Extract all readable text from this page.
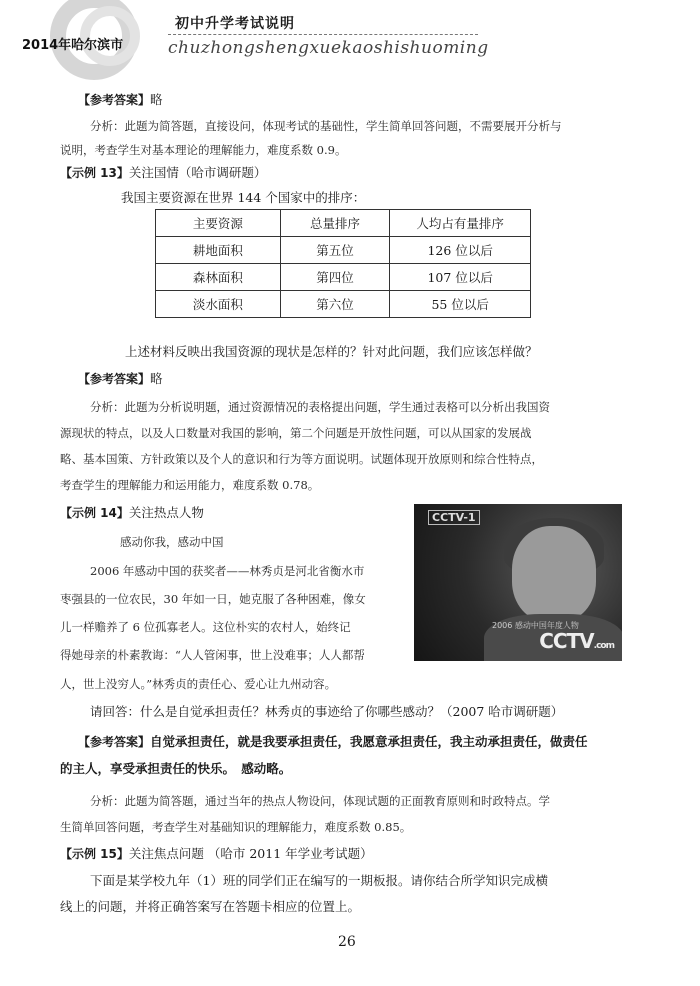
2014年哈尔滨市
初中升学考试说明
chuzhongshengxuekaoshishuoming
【参考答案】略
分析：此题为简答题，直接设问，体现考试的基础性，学生简单回答问题，不需要展开分析与
说明，考查学生对基本理论的理解能力，难度系数 0.9。
【示例 13】关注国情（哈市调研题）
我国主要资源在世界 144 个国家中的排序：
主要资源	总量排序	人均占有量排序
耕地面积	第五位	126 位以后
森林面积	第四位	107 位以后
淡水面积	第六位	55 位以后
上述材料反映出我国资源的现状是怎样的？针对此问题，我们应该怎样做？
【参考答案】略
分析：此题为分析说明题，通过资源情况的表格提出问题，学生通过表格可以分析出我国资
源现状的特点，以及人口数量对我国的影响，第二个问题是开放性问题，可以从国家的发展战
略、基本国策、方针政策以及个人的意识和行为等方面说明。试题体现开放原则和综合性特点，
考查学生的理解能力和运用能力，难度系数 0.78。
【示例 14】关注热点人物
感动你我，感动中国
2006 年感动中国的获奖者——林秀贞是河北省衡水市
枣强县的一位农民，30 年如一日，她克服了各种困难，像女
儿一样赡养了 6 位孤寡老人。这位朴实的农村人，始终记
得她母亲的朴素教诲：“人人管闲事，世上没难事；人人都帮
人，世上没穷人。”林秀贞的责任心、爱心让九州动容。
CCTV-1
2006 感动中国年度人物
CCTV.com
请回答：什么是自觉承担责任？林秀贞的事迹给了你哪些感动？（2007 哈市调研题）
【参考答案】自觉承担责任，就是我要承担责任，我愿意承担责任，我主动承担责任，做责任
的主人，享受承担责任的快乐。　感动略。
分析：此题为简答题，通过当年的热点人物设问，体现试题的正面教育原则和时政特点。学
生简单回答问题，考查学生对基础知识的理解能力，难度系数 0.85。
【示例 15】关注焦点问题 （哈市 2011 年学业考试题）
下面是某学校九年（1）班的同学们正在编写的一期板报。请你结合所学知识完成横
线上的问题，并将正确答案写在答题卡相应的位置上。
26
